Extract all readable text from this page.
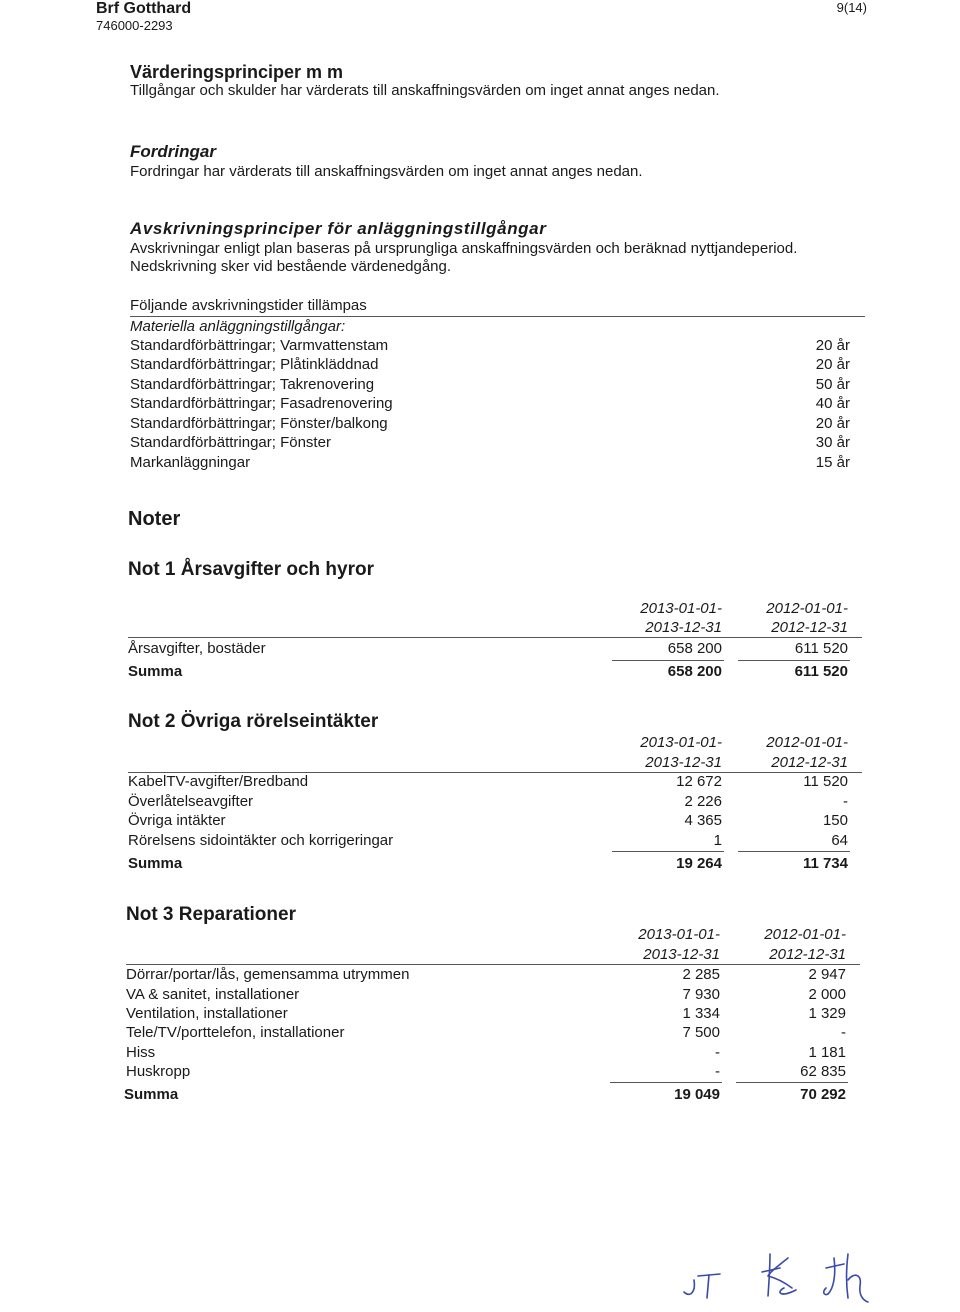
Brf Gotthard
746000-2293
9(14)
Värderingsprinciper m m
Tillgångar och skulder har värderats till anskaffningsvärden om inget annat anges nedan.
Fordringar
Fordringar har värderats till anskaffningsvärden om inget annat anges nedan.
Avskrivningsprinciper för anläggningstillgångar
Avskrivningar enligt plan baseras på ursprungliga anskaffningsvärden och beräknad nyttjandeperiod.
Nedskrivning sker vid bestående värdenedgång.
Följande avskrivningstider tillämpas
Materiella anläggningstillgångar:
Standardförbättringar; Varmvattenstam	20 år
Standardförbättringar; Plåtinkläddnad	20 år
Standardförbättringar; Takrenovering	50 år
Standardförbättringar; Fasadrenovering	40 år
Standardförbättringar; Fönster/balkong	20 år
Standardförbättringar; Fönster	30 år
Markanläggningar	15 år
Noter
Not 1 Årsavgifter och hyror
2013-01-01-
2013-12-31
2012-01-01-
2012-12-31
Årsavgifter, bostäder	658 200	611 520
Summa	658 200	611 520
Not 2 Övriga rörelseintäkter
2013-01-01-
2013-12-31
2012-01-01-
2012-12-31
KabelTV-avgifter/Bredband	12 672	11 520
Överlåtelseavgifter	2 226	-
Övriga intäkter	4 365	150
Rörelsens sidointäkter och korrigeringar	1	64
Summa	19 264	11 734
Not 3 Reparationer
2013-01-01-
2013-12-31
2012-01-01-
2012-12-31
Dörrar/portar/lås, gemensamma utrymmen	2 285	2 947
VA & sanitet, installationer	7 930	2 000
Ventilation, installationer	1 334	1 329
Tele/TV/porttelefon, installationer	7 500	-
Hiss	-	1 181
Huskropp	-	62 835
Summa	19 049	70 292
